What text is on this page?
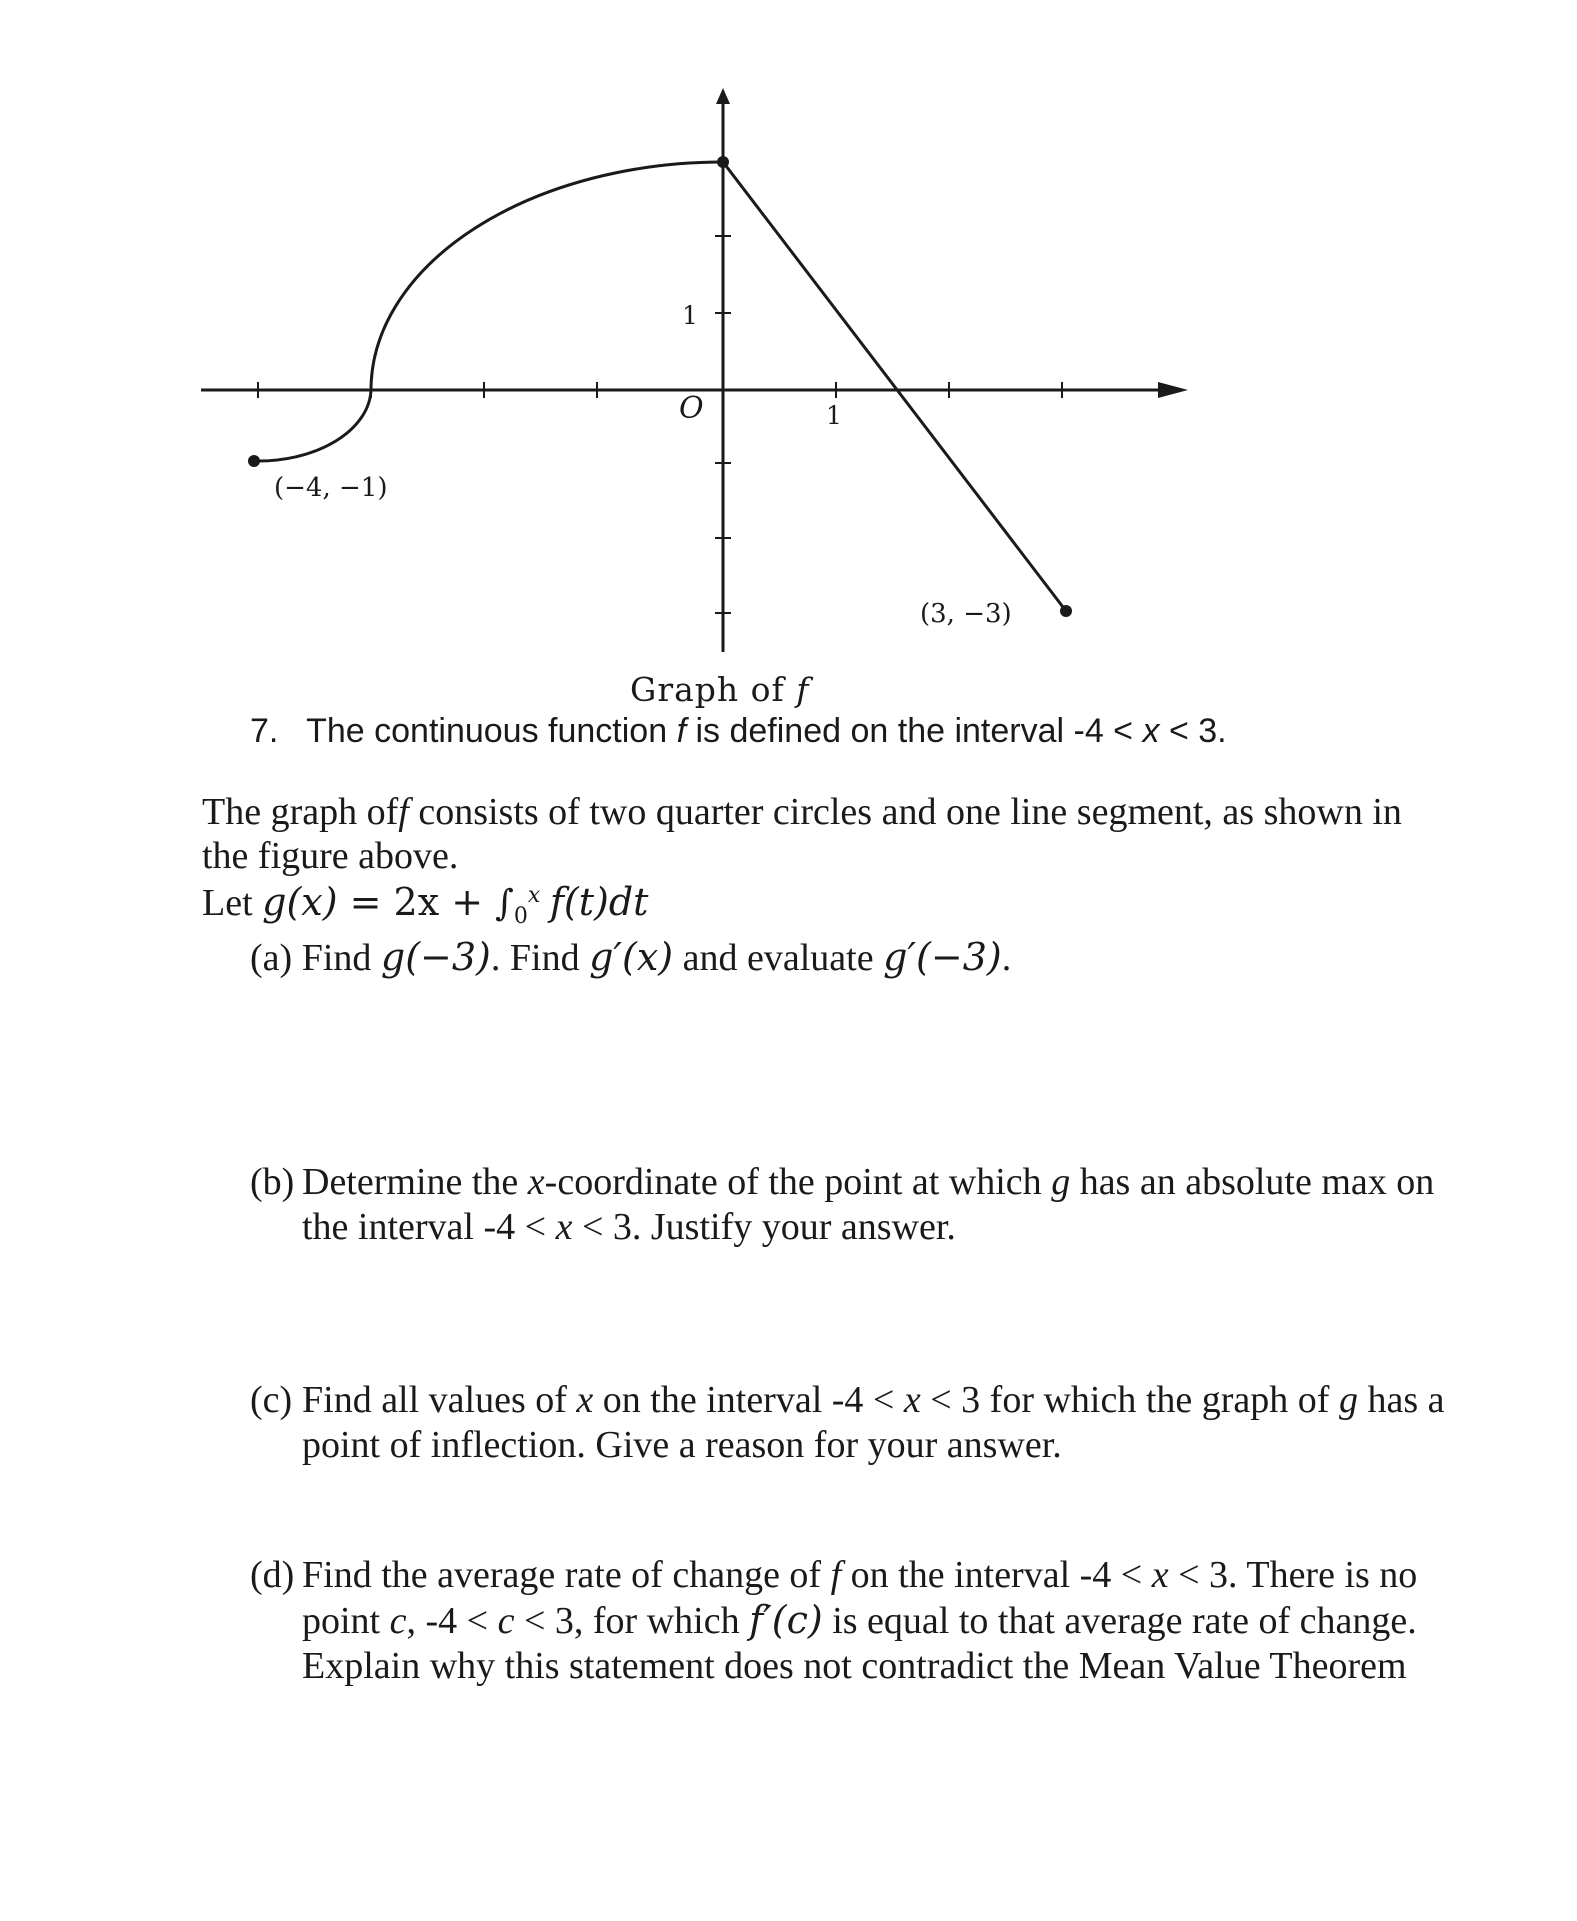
1
O	1
(−4, −1)
(3, −3)
Graph of f
7. The continuous function f is defined on the interval -4 < x < 3.
The graph off consists of two quarter circles and one line segment, as shown in the figure above.
Let $g(x) = 2x + \int_0^x$ f(t)dt
(a) Find g(−3). Find g′(x) and evaluate g′(−3).
(b) Determine the x-coordinate of the point at which g has an absolute max on the interval -4 < x < 3. Justify your answer.
(c) Find all values of x on the interval -4 < x < 3 for which the graph of g has a point of inflection. Give a reason for your answer.
(d) Find the average rate of change of f on the interval -4 < x < 3. There is no point c, -4 < c < 3, for which f′(c) is equal to that average rate of change. Explain why this statement does not contradict the Mean Value Theorem
